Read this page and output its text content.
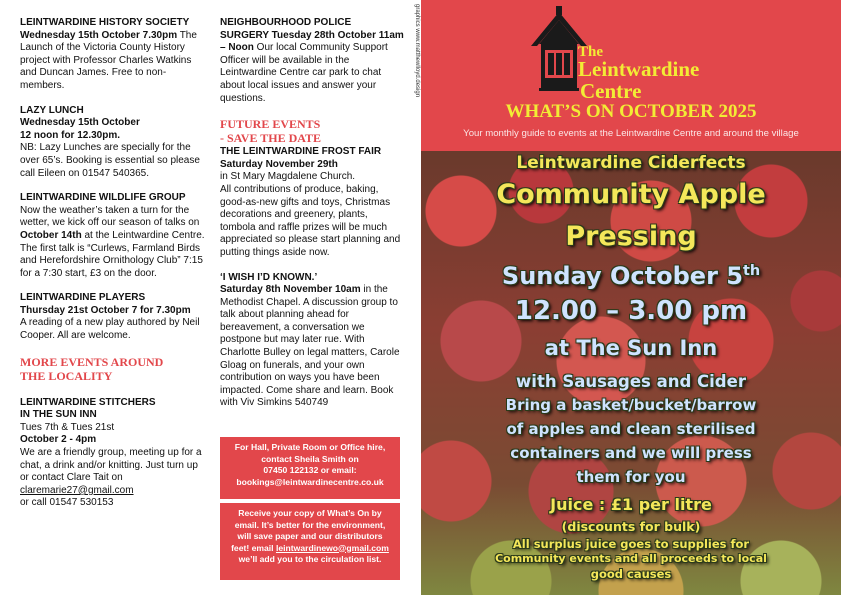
LEINTWARDINE HISTORY SOCIETY
Wednesday 15th October 7.30pm The Launch of the Victoria County History project with Professor Charles Watkins and Duncan James. Free to non-members.
LAZY LUNCH
Wednesday 15th October
12 noon for 12.30pm.
NB: Lazy Lunches are specially for the over 65’s. Booking is essential so please call Eileen on 01547 540365.
LEINTWARDINE WILDLIFE GROUP
Now the weather’s taken a turn for the wetter, we kick off our season of talks on October 14th at the Leintwardine Centre. The first talk is “Curlews, Farmland Birds and Herefordshire Ornithology Club” 7:15 for a 7:30 start, £3 on the door.
LEINTWARDINE PLAYERS
Thursday 21st October 7 for 7.30pm
A reading of a new play authored by Neil Cooper. All are welcome.
MORE EVENTS AROUND
THE LOCALITY
LEINTWARDINE STITCHERS
IN THE SUN INN
Tues 7th & Tues 21st
October 2 - 4pm
We are a friendly group, meeting up for a chat, a drink and/or knitting. Just turn up or contact Clare Tait on
claremarie27@gmail.com
or call 01547 530153
NEIGHBOURHOOD POLICE
SURGERY Tuesday 28th October 11am – Noon Our local Community Support Officer will be available in the Leintwardine Centre car park to chat about local issues and answer your questions.
FUTURE EVENTS
- SAVE THE DATE
THE LEINTWARDINE FROST FAIR
Saturday November 29th
in St Mary Magdalene Church.
All contributions of produce, baking, good-as-new gifts and toys, Christmas decorations and greenery, plants, tombola and raffle prizes will be much appreciated so please start planning and putting things aside now.
‘I WISH I’D KNOWN.’
Saturday 8th November 10am in the Methodist Chapel. A discussion group to talk about planning ahead for bereavement, a conversation we postpone but may later rue. With Charlotte Bulley on legal matters, Carole Gloag on funerals, and your own contribution on ways you have been impacted. Come share and learn. Book with Viv Simkins 540749
For Hall, Private Room or Office hire,
contact Sheila Smith on
07450 122132 or email:
bookings@leintwardinecentre.co.uk
Receive your copy of What’s On by
email. It’s better for the environment,
will save paper and our distributors
feet! email leintwardinewo@gmail.com
we’ll add you to the circulation list.
graphics www.matthewlloyd.design	The
Leintwardine
Centre
WHAT’S ON OCTOBER 2025
Your monthly guide to events at the Leintwardine Centre and around the village
Leintwardine Ciderfects
Community Apple
Pressing
Sunday October 5th
12.00 – 3.00 pm
at The Sun Inn
with Sausages and Cider
Bring a basket/bucket/barrow
of apples and clean sterilised
containers and we will press
them for you
Juice : £1 per litre
(discounts for bulk)
All surplus juice goes to supplies for
Community events and all proceeds to local
good causes
